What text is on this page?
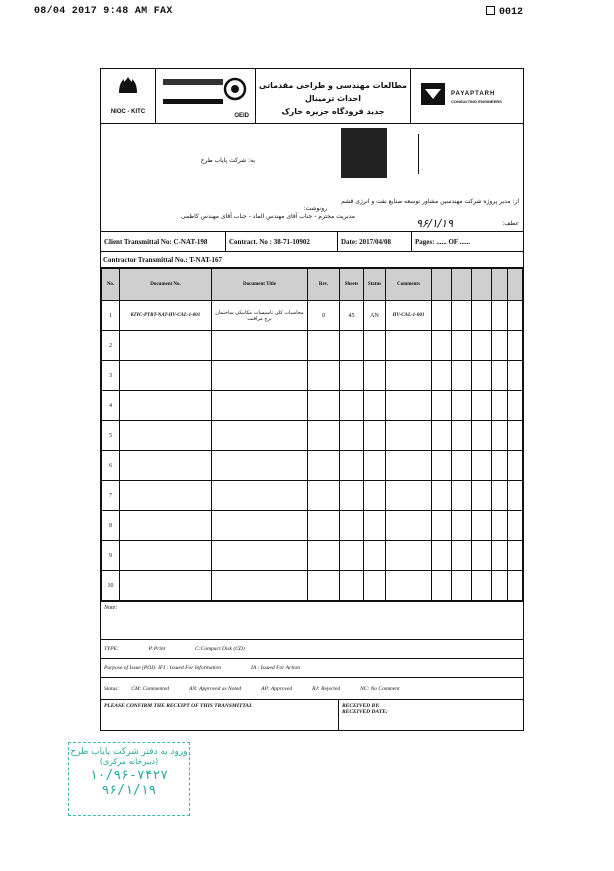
08/04 2017 9:48 AM FAX	0012
NIOC - KITC
OEID
مطالعات مهندسی و طراحی مقدماتی احداث ترمینال
جدید فرودگاه جزیره خارک
PAYAPTARH
CONSULTING ENGINEERS
به: شرکت پایاب طرح
از: مدیر پروژه شرکت مهندسین مشاور توسعه صنایع نفت و انرژی قشم
رونوشت:
مدیریت محترم - جناب آقای مهندس الماد - جناب آقای مهندس کاظمی
عطف:
۹۶/۱/۱۹
Client Transmittal No: C-NAT-198	Contract. No : 38-71-10902	Date: 2017/04/08	Pages: ...... OF ......
Contractor Transmittal No.: T-NAT-167
No.	Document No.	Document Title	Rev.	Sheets	Status	Comments					
1	KIYC-PTRT-NAT-HV-CAL-1-001	محاسبات کلی تاسیسات مکانیکی ساختمان برج مراقبت	0	45	AN	HV-CAL-1-001					
2											
3											
4											
5											
6											
7											
8											
9											
10											
Note:
TYPE:	P:Print	C:Compact Disk (CD)
Purpose of Issue (POI): IFI : Issued For Information	IA : Issued For Action
Status: CM: Commented	AN: Approved as Noted	AP: Approved	RJ: Rejected	NC: No Comment
PLEASE CONFIRM THE RECEIPT OF THIS TRANSMITTAL	RECEIVED BY:
RECEIVED DATE:
ورود به دفتر شرکت پایاب طرح
(دبیرخانه مرکزی)
۱۰/۹۶-۷۴۲۷
۹۶/۱/۱۹
